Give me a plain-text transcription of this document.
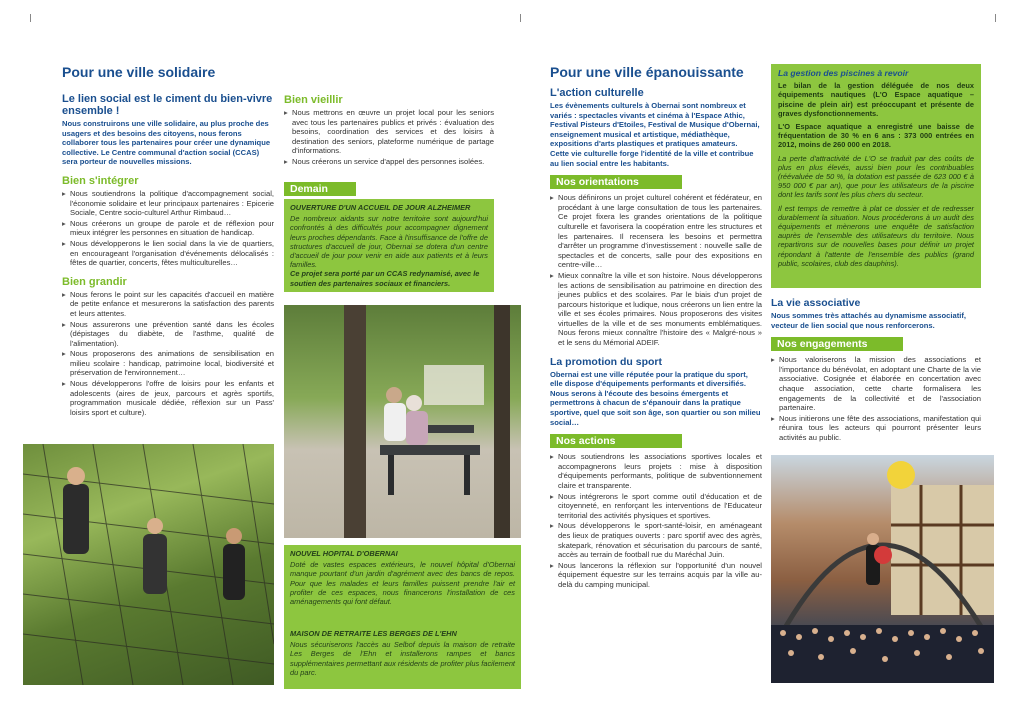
Pour une ville solidaire
Le lien social est le ciment du bien-vivre ensemble !

Nous construirons une ville solidaire, au plus proche des usagers et des besoins des citoyens, nous ferons collaborer tous les partenaires pour créer une dynamique collective. Le Centre communal d'action social (CCAS) sera porteur de nouvelles missions.

Bien s'intégrer
▸ Nous soutiendrons la politique d'accompagnement social, l'économie solidaire et leur principaux partenaires : Epicerie Sociale, Centre socio-culturel Arthur Rimbaud…
▸ Nous créerons un groupe de parole et de réflexion pour mieux intégrer les personnes en situation de handicap.
▸ Nous développerons le lien social dans la vie de quartiers, en encourageant l'organisation d'événements délocalisés : fêtes de quartier, concerts, fêtes multiculturelles…
Bien grandir
▸ Nous ferons le point sur les capacités d'accueil en matière de petite enfance et mesurerons la satisfaction des parents et leurs attentes.
▸ Nous assurerons une prévention santé dans les écoles (dépistages du diabète, de l'asthme, qualité de l'alimentation).
▸ Nous proposerons des animations de sensibilisation en milieu scolaire : handicap, patrimoine local, biodiversité et préservation de l'environnement…
▸ Nous développerons l'offre de loisirs pour les enfants et adolescents (aires de jeux, parcours et agrès sportifs, programmation musicale dédiée, réflexion sur un Pass' loisirs sport et culture).
Bien vieillir
▸ Nous mettrons en œuvre un projet local pour les seniors avec tous les partenaires publics et privés : évaluation des besoins, coordination des services et des loisirs à destination des seniors, plateforme numérique de partage d'informations.
▸ Nous créerons un service d'appel des personnes isolées.
Demain
OUVERTURE D'UN ACCUEIL DE JOUR ALZHEIMER
De nombreux aidants sur notre territoire sont aujourd'hui confrontés à des difficultés pour accompagner dignement leurs proches dépendants. Face à l'insuffisance de l'offre de structures d'accueil de jour, Obernai se dotera d'un centre d'accueil de jour pour venir en aide aux patients et à leurs familles.
Ce projet sera porté par un CCAS redynamisé, avec le soutien des partenaires sociaux et financiers.
NOUVEL HOPITAL D'OBERNAI
Doté de vastes espaces extérieurs, le nouvel hôpital d'Obernai manque pourtant d'un jardin d'agrément avec des bancs de repos. Pour que les malades et leurs familles puissent prendre l'air et profiter de ces espaces, nous financerons l'installation de ces aménagements qui font défaut.
MAISON DE RETRAITE LES BERGES DE L'EHN
Nous sécuriserons l'accès au Selbof depuis la maison de retraite Les Berges de l'Ehn et installerons rampes et bancs supplémentaires permettant aux résidents de profiter plus facilement du parc.
Pour une ville épanouissante
L'action culturelle

Les évènements culturels à Obernai sont nombreux et variés : spectacles vivants et cinéma à l'Espace Athic, Festival Pisteurs d'Etoiles, Festival de Musique d'Obernai, enseignement musical et artistique, médiathèque, expositions d'arts plastiques et pratiques amateurs.

Cette vie culturelle forge l'identité de la ville et contribue au lien social entre les habitants.

Nos orientations
▸ Nous définirons un projet culturel cohérent et fédérateur, en procédant à une large consultation de tous les partenaires. Ce projet fixera les grandes orientations de la politique culturelle et favorisera la coopération entre les structures et les partenaires. Il recensera les besoins et permettra d'arrêter un programme d'investissement : nouvelle salle de spectacles et de concerts, salle pour des expositions en centre-ville…
▸ Mieux connaître la ville et son histoire. Nous développerons les actions de sensibilisation au patrimoine en direction des jeunes publics et des scolaires. Par le biais d'un projet de parcours historique et ludique, nous créerons un lien entre la ville et ses écoles primaires. Nous proposerons des visites virtuelles de la ville et de ses monuments emblématiques. Nous ferons mieux connaître l'histoire des « Malgré-nous » et le sens du Mémorial ADEIF.
La promotion du sport

Obernai est une ville réputée pour la pratique du sport, elle dispose d'équipements performants et diversifiés. Nous serons à l'écoute des besoins émergents et permettrons à chacun de s'épanouir dans la pratique sportive, quel que soit son âge, son quartier ou son milieu social…

Nos actions
▸ Nous soutiendrons les associations sportives locales et accompagnerons leurs projets : mise à disposition d'équipements performants, politique de subventionnement claire et transparente.
▸ Nous intégrerons le sport comme outil d'éducation et de citoyenneté, en renforçant les interventions de l'Educateur territorial des activités physiques et sportives.
▸ Nous développerons le sport-santé-loisir, en aménageant des lieux de pratiques ouverts : parc sportif avec des agrès, skatepark, rénovation et sécurisation du parcours de santé, accès au terrain de football rue du Maréchal Juin.
▸ Nous lancerons la réflexion sur l'opportunité d'un nouvel équipement équestre sur les terrains acquis par la ville au-delà du camping municipal.
La gestion des piscines à revoir

Le bilan de la gestion déléguée de nos deux équipements nautiques (L'O Espace aquatique – piscine de plein air) est préoccupant et présente de graves dysfonctionnements.

L'O Espace aquatique a enregistré une baisse de fréquentation de 30 % en 6 ans : 373 000 entrées en 2012, moins de 260 000 en 2018.

La perte d'attractivité de L'O se traduit par des coûts de plus en plus élevés, aussi bien pour les contribuables (réévaluée de 50 %, la dotation est passée de 623 000 € à 950 000 € par an), que pour les utilisateurs de la piscine dont les tarifs sont les plus chers du secteur.

Il est temps de remettre à plat ce dossier et de redresser durablement la situation. Nous procéderons à un audit des équipements et mènerons une enquête de satisfaction auprès de l'ensemble des utilisateurs du territoire. Nous repartirons sur de nouvelles bases pour définir un projet répondant à l'attente de l'ensemble des publics (grand public, scolaires, club des dauphins).

La vie associative

Nous sommes très attachés au dynamisme associatif, vecteur de lien social que nous renforcerons.

Nos engagements
▸ Nous valoriserons la mission des associations et l'importance du bénévolat, en adoptant une Charte de la vie associative. Cosignée et élaborée en concertation avec chaque association, cette charte formalisera les engagements de la collectivité et de l'association partenaire.
▸ Nous initierons une fête des associations, manifestation qui réunira tous les acteurs qui pourront présenter leurs activités au public.
